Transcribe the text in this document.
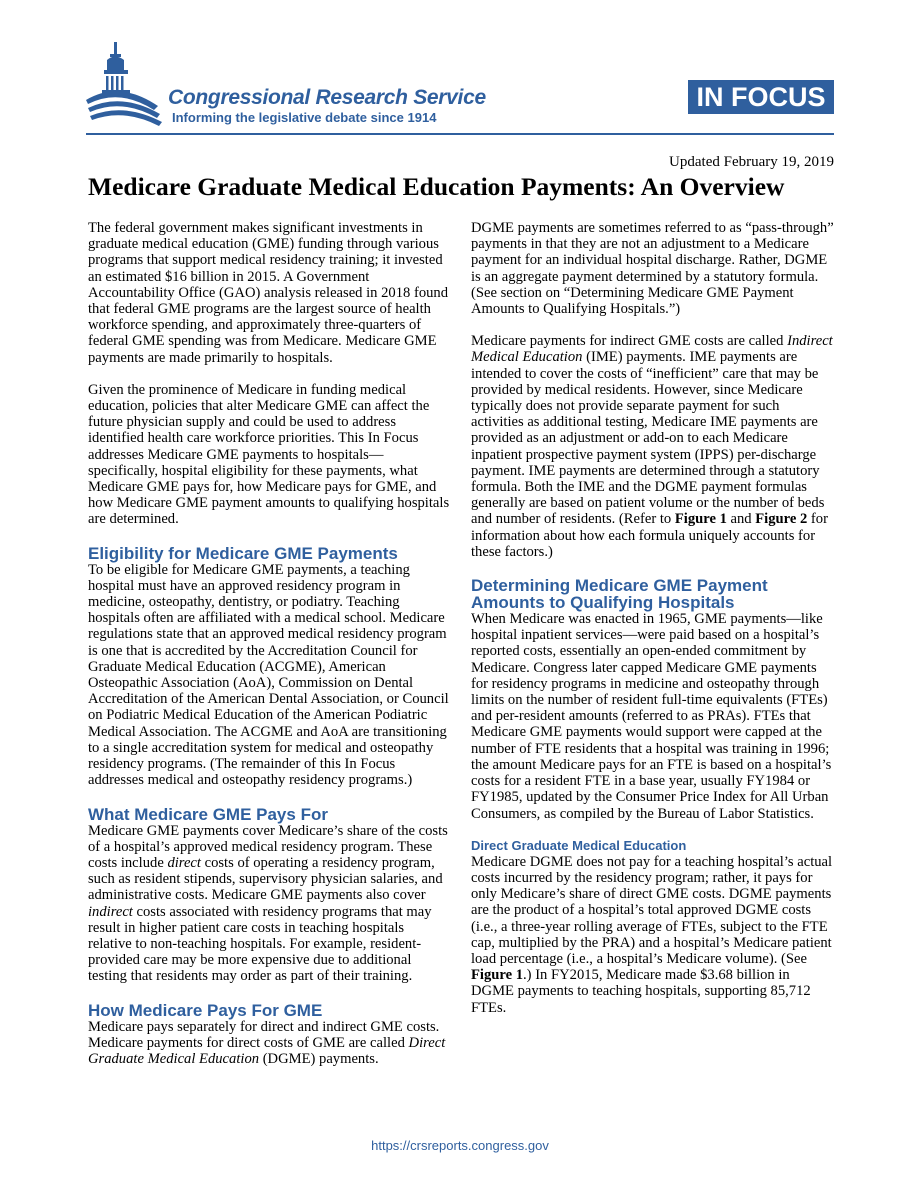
Congressional Research Service
Informing the legislative debate since 1914
IN FOCUS
Updated February 19, 2019
Medicare Graduate Medical Education Payments: An Overview

The federal government makes significant investments in graduate medical education (GME) funding through various programs that support medical residency training; it invested an estimated $16 billion in 2015. A Government Accountability Office (GAO) analysis released in 2018 found that federal GME programs are the largest source of health workforce spending, and approximately three-quarters of federal GME spending was from Medicare. Medicare GME payments are made primarily to hospitals.

Given the prominence of Medicare in funding medical education, policies that alter Medicare GME can affect the future physician supply and could be used to address identified health care workforce priorities. This In Focus addresses Medicare GME payments to hospitals—specifically, hospital eligibility for these payments, what Medicare GME pays for, how Medicare pays for GME, and how Medicare GME payment amounts to qualifying hospitals are determined.

Eligibility for Medicare GME Payments

To be eligible for Medicare GME payments, a teaching hospital must have an approved residency program in medicine, osteopathy, dentistry, or podiatry. Teaching hospitals often are affiliated with a medical school. Medicare regulations state that an approved medical residency program is one that is accredited by the Accreditation Council for Graduate Medical Education (ACGME), American Osteopathic Association (AoA), Commission on Dental Accreditation of the American Dental Association, or Council on Podiatric Medical Education of the American Podiatric Medical Association. The ACGME and AoA are transitioning to a single accreditation system for medical and osteopathy residency programs. (The remainder of this In Focus addresses medical and osteopathy residency programs.)

What Medicare GME Pays For

Medicare GME payments cover Medicare’s share of the costs of a hospital’s approved medical residency program. These costs include direct costs of operating a residency program, such as resident stipends, supervisory physician salaries, and administrative costs. Medicare GME payments also cover indirect costs associated with residency programs that may result in higher patient care costs in teaching hospitals relative to non-teaching hospitals. For example, resident-provided care may be more expensive due to additional testing that residents may order as part of their training.

How Medicare Pays For GME

Medicare pays separately for direct and indirect GME costs. Medicare payments for direct costs of GME are called Direct Graduate Medical Education (DGME) payments.

DGME payments are sometimes referred to as “pass-through” payments in that they are not an adjustment to a Medicare payment for an individual hospital discharge. Rather, DGME is an aggregate payment determined by a statutory formula. (See section on “Determining Medicare GME Payment Amounts to Qualifying Hospitals.”)

Medicare payments for indirect GME costs are called Indirect Medical Education (IME) payments. IME payments are intended to cover the costs of “inefficient” care that may be provided by medical residents. However, since Medicare typically does not provide separate payment for such activities as additional testing, Medicare IME payments are provided as an adjustment or add-on to each Medicare inpatient prospective payment system (IPPS) per-discharge payment. IME payments are determined through a statutory formula. Both the IME and the DGME payment formulas generally are based on patient volume or the number of beds and number of residents. (Refer to Figure 1 and Figure 2 for information about how each formula uniquely accounts for these factors.)

Determining Medicare GME Payment Amounts to Qualifying Hospitals

When Medicare was enacted in 1965, GME payments—like hospital inpatient services—were paid based on a hospital’s reported costs, essentially an open-ended commitment by Medicare. Congress later capped Medicare GME payments for residency programs in medicine and osteopathy through limits on the number of resident full-time equivalents (FTEs) and per-resident amounts (referred to as PRAs). FTEs that Medicare GME payments would support were capped at the number of FTE residents that a hospital was training in 1996; the amount Medicare pays for an FTE is based on a hospital’s costs for a resident FTE in a base year, usually FY1984 or FY1985, updated by the Consumer Price Index for All Urban Consumers, as compiled by the Bureau of Labor Statistics.

Direct Graduate Medical Education

Medicare DGME does not pay for a teaching hospital’s actual costs incurred by the residency program; rather, it pays for only Medicare’s share of direct GME costs. DGME payments are the product of a hospital’s total approved DGME costs (i.e., a three-year rolling average of FTEs, subject to the FTE cap, multiplied by the PRA) and a hospital’s Medicare patient load percentage (i.e., a hospital’s Medicare volume). (See Figure 1.) In FY2015, Medicare made $3.68 billion in DGME payments to teaching hospitals, supporting 85,712 FTEs.

https://crsreports.congress.gov
